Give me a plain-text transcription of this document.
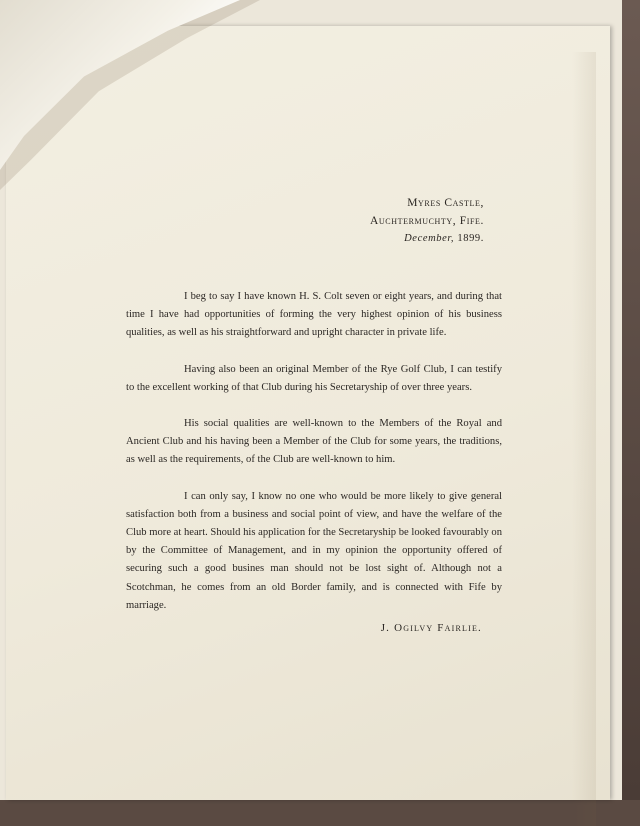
Myres Castle,
Auchtermuchty, Fife.
December, 1899.

I beg to say I have known H. S. Colt seven or eight years, and during that time I have had opportunities of forming the very highest opinion of his business qualities, as well as his straightforward and upright character in private life.

Having also been an original Member of the Rye Golf Club, I can testify to the excellent working of that Club during his Secretaryship of over three years.

His social qualities are well-known to the Members of the Royal and Ancient Club and his having been a Member of the Club for some years, the traditions, as well as the requirements, of the Club are well-known to him.

I can only say, I know no one who would be more likely to give general satisfaction both from a business and social point of view, and have the welfare of the Club more at heart. Should his application for the Secretaryship be looked favourably on by the Committee of Management, and in my opinion the opportunity offered of securing such a good busines man should not be lost sight of. Although not a Scotchman, he comes from an old Border family, and is connected with Fife by marriage.

J. Ogilvy Fairlie.
